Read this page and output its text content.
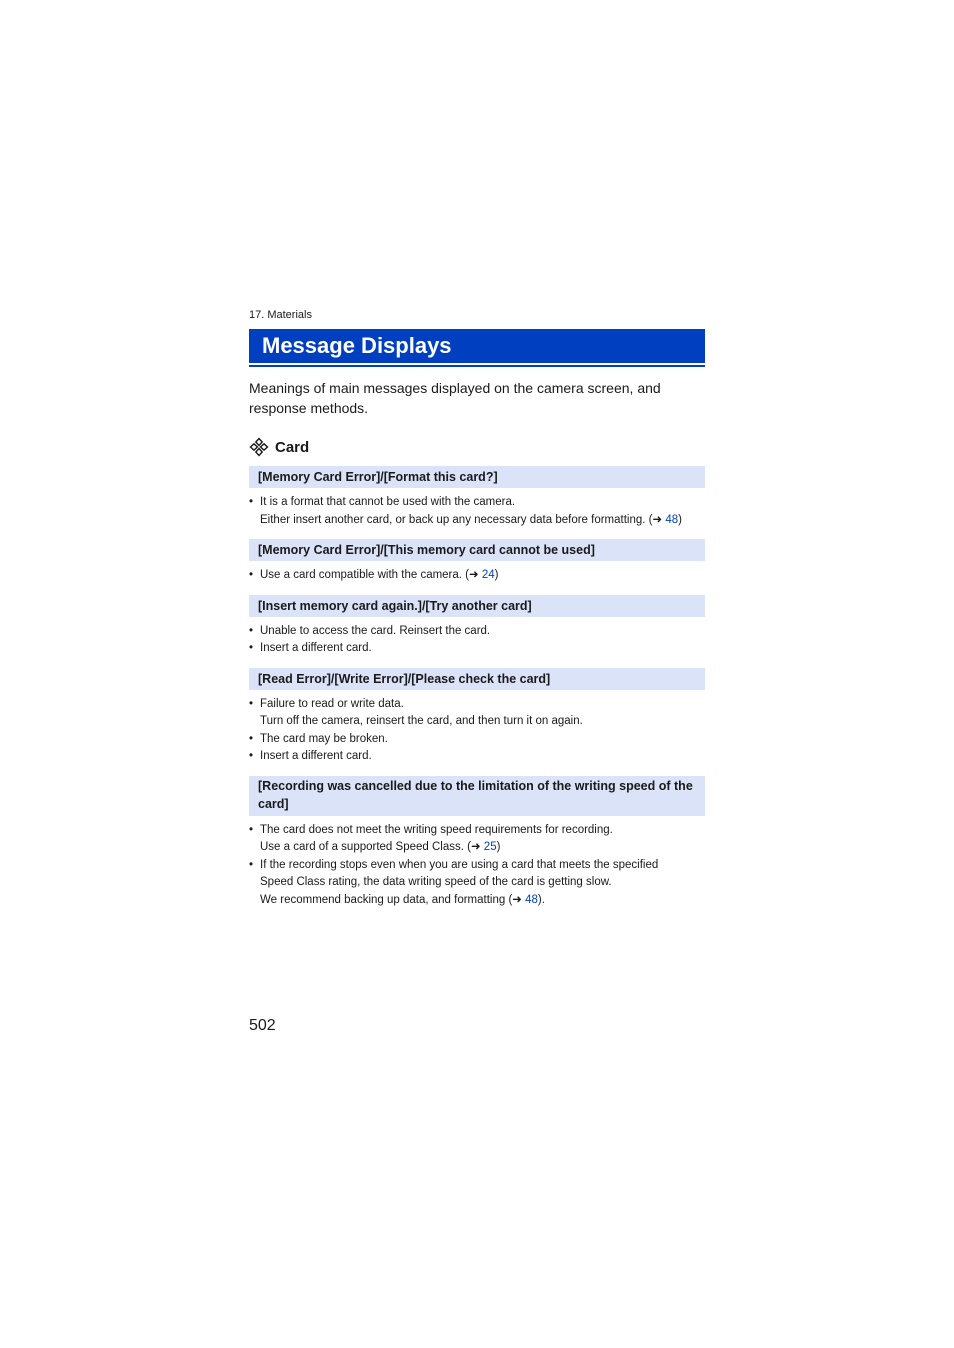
17. Materials
Message Displays

Meanings of main messages displayed on the camera screen, and response methods.

Card
[Memory Card Error]/[Format this card?]
• It is a format that cannot be used with the camera.
Either insert another card, or back up any necessary data before formatting. (➜ 48)
[Memory Card Error]/[This memory card cannot be used]
• Use a card compatible with the camera. (➜ 24)
[Insert memory card again.]/[Try another card]
• Unable to access the card. Reinsert the card.
• Insert a different card.
[Read Error]/[Write Error]/[Please check the card]
• Failure to read or write data.
Turn off the camera, reinsert the card, and then turn it on again.
• The card may be broken.
• Insert a different card.
[Recording was cancelled due to the limitation of the writing speed of the card]
• The card does not meet the writing speed requirements for recording.
Use a card of a supported Speed Class. (➜ 25)
• If the recording stops even when you are using a card that meets the specified
Speed Class rating, the data writing speed of the card is getting slow.
We recommend backing up data, and formatting (➜ 48).
502
